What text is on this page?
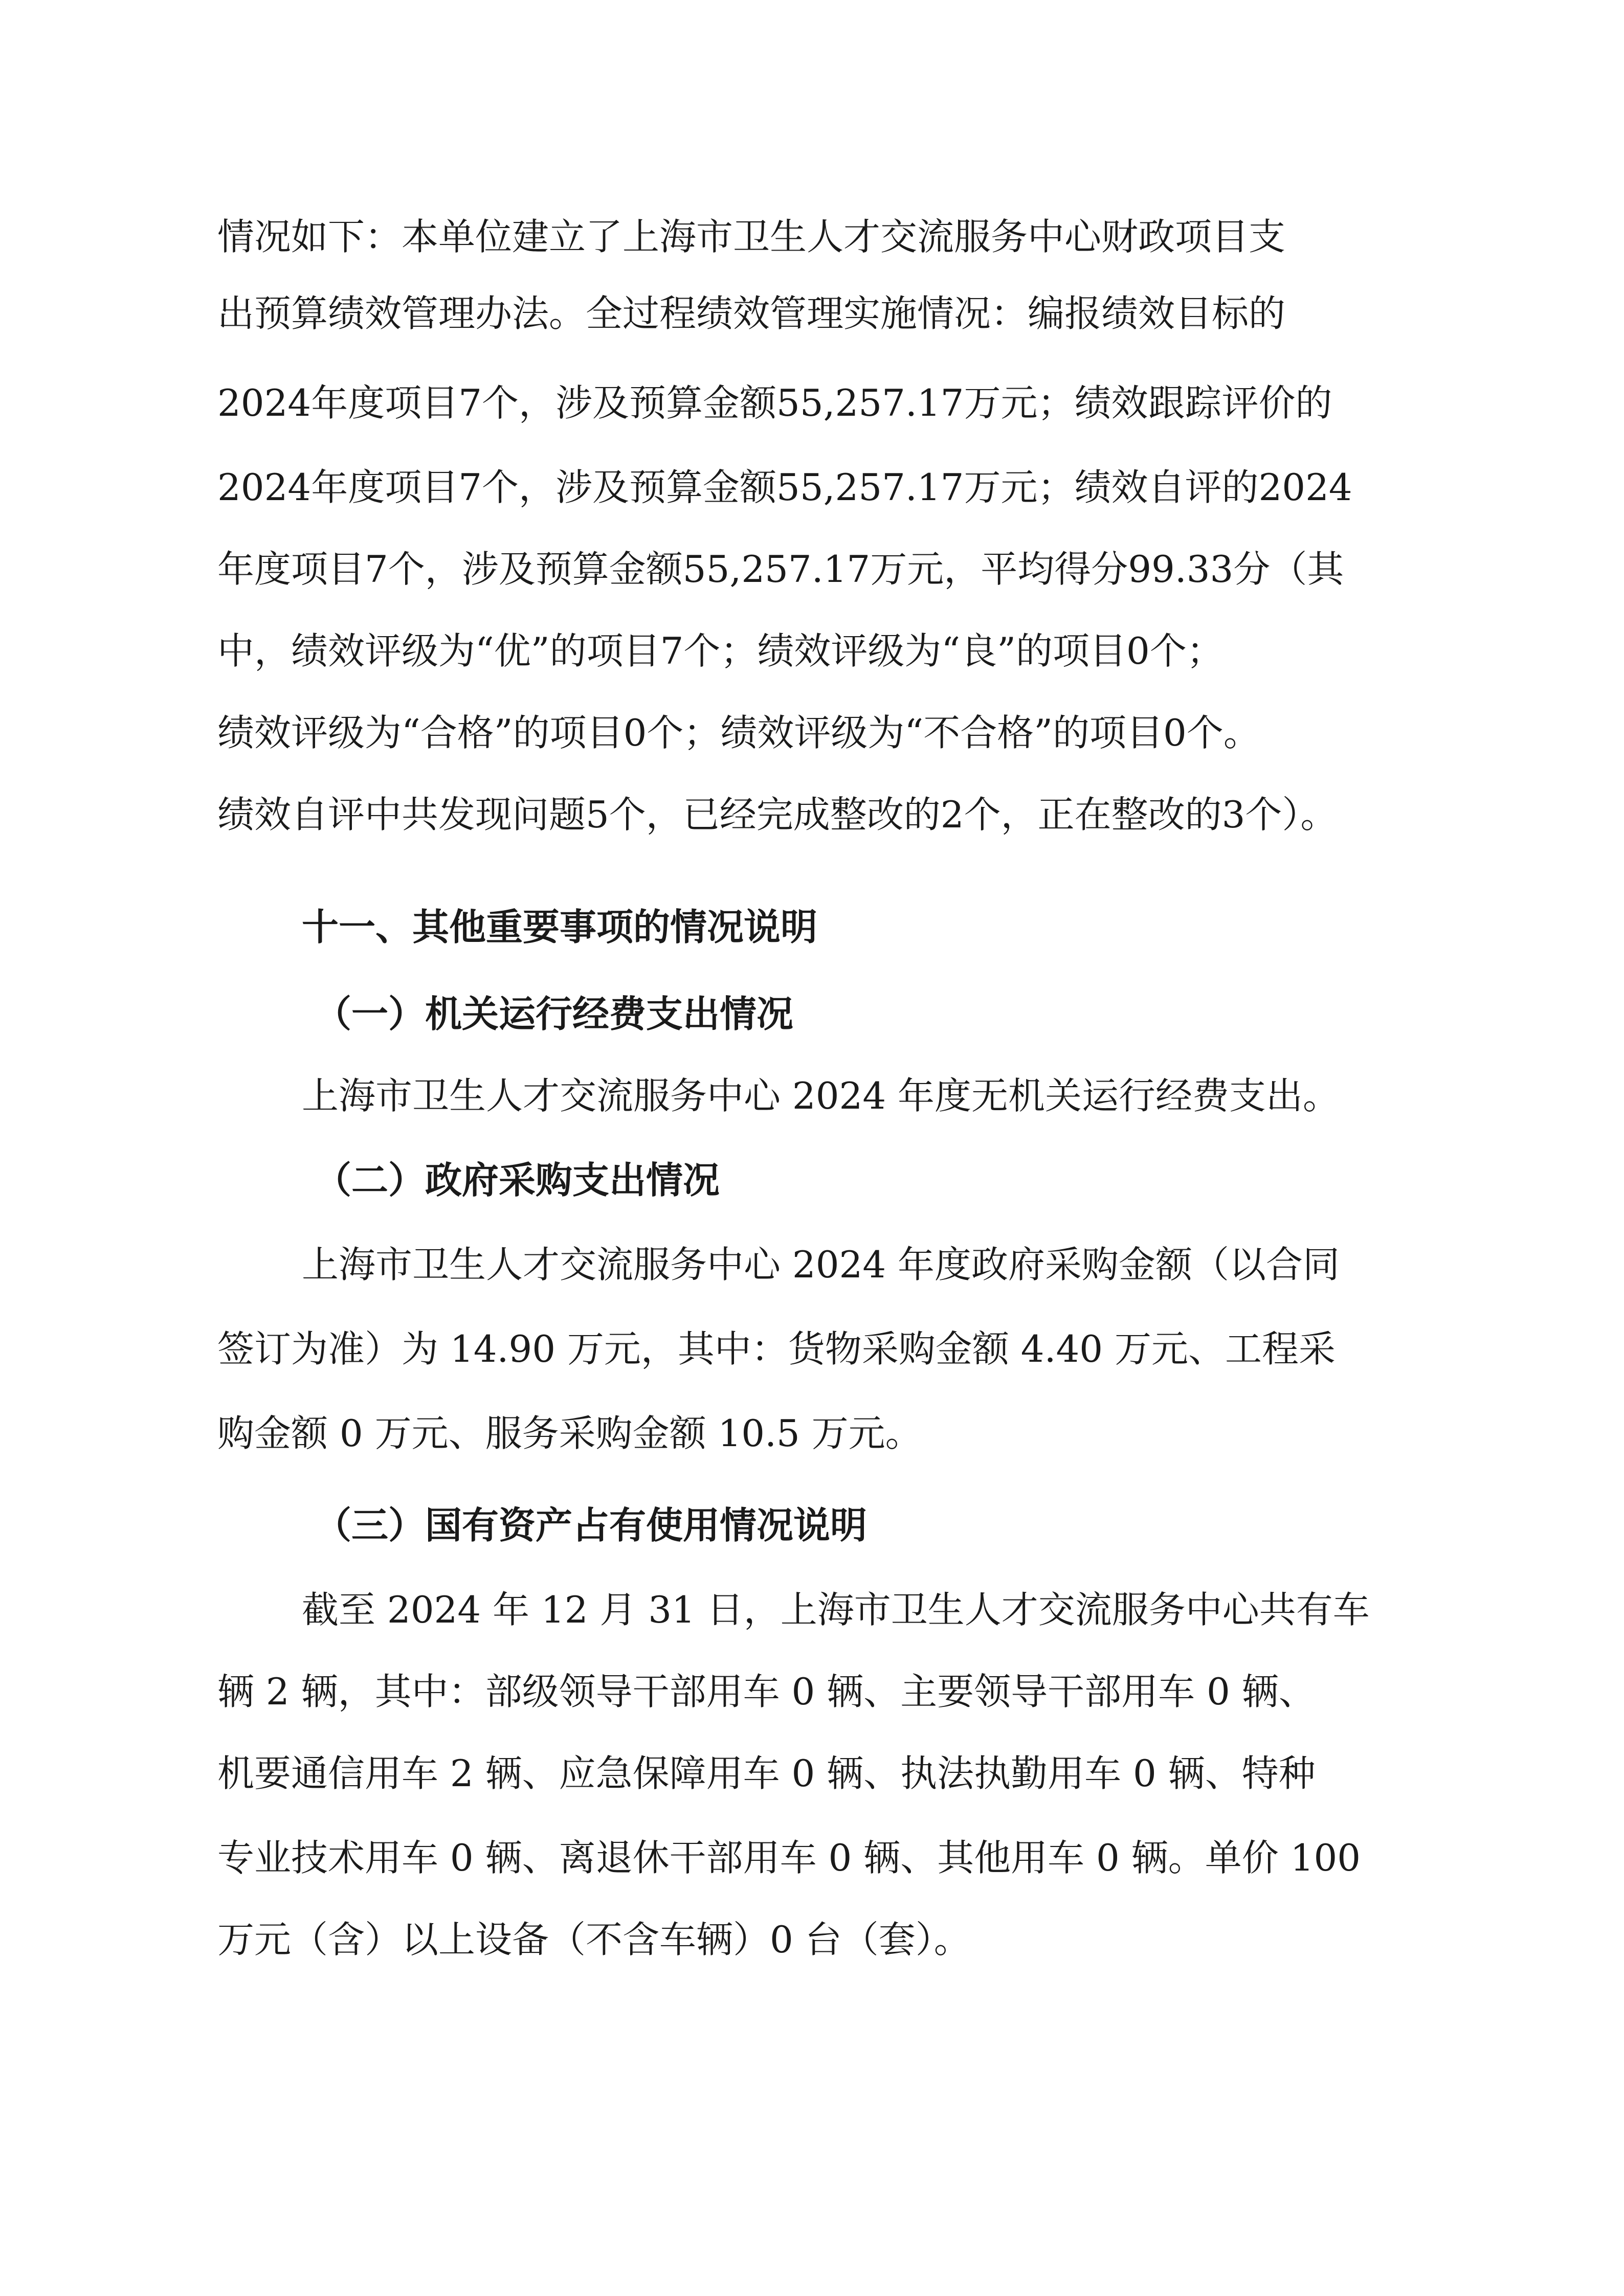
情况如下：本单位建立了上海市卫生人才交流服务中心财政项目支
出预算绩效管理办法。全过程绩效管理实施情况：编报绩效目标的
2024年度项目7个，涉及预算金额55,257.17万元；绩效跟踪评价的
2024年度项目7个，涉及预算金额55,257.17万元；绩效自评的2024
年度项目7个，涉及预算金额55,257.17万元，平均得分99.33分（其
中，绩效评级为“优”的项目7个；绩效评级为“良”的项目0个；
绩效评级为“合格”的项目0个；绩效评级为“不合格”的项目0个。
绩效自评中共发现问题5个，已经完成整改的2个，正在整改的3个）。
十一、其他重要事项的情况说明
（一）机关运行经费支出情况
上海市卫生人才交流服务中心 2024 年度无机关运行经费支出。
（二）政府采购支出情况
上海市卫生人才交流服务中心 2024 年度政府采购金额（以合同
签订为准）为 14.90 万元，其中：货物采购金额 4.40 万元、工程采
购金额 0 万元、服务采购金额 10.5 万元。
（三）国有资产占有使用情况说明
截至 2024 年 12 月 31 日，上海市卫生人才交流服务中心共有车
辆 2 辆，其中：部级领导干部用车 0 辆、主要领导干部用车 0 辆、
机要通信用车 2 辆、应急保障用车 0 辆、执法执勤用车 0 辆、特种
专业技术用车 0 辆、离退休干部用车 0 辆、其他用车 0 辆。单价 100
万元（含）以上设备（不含车辆）0 台（套）。
